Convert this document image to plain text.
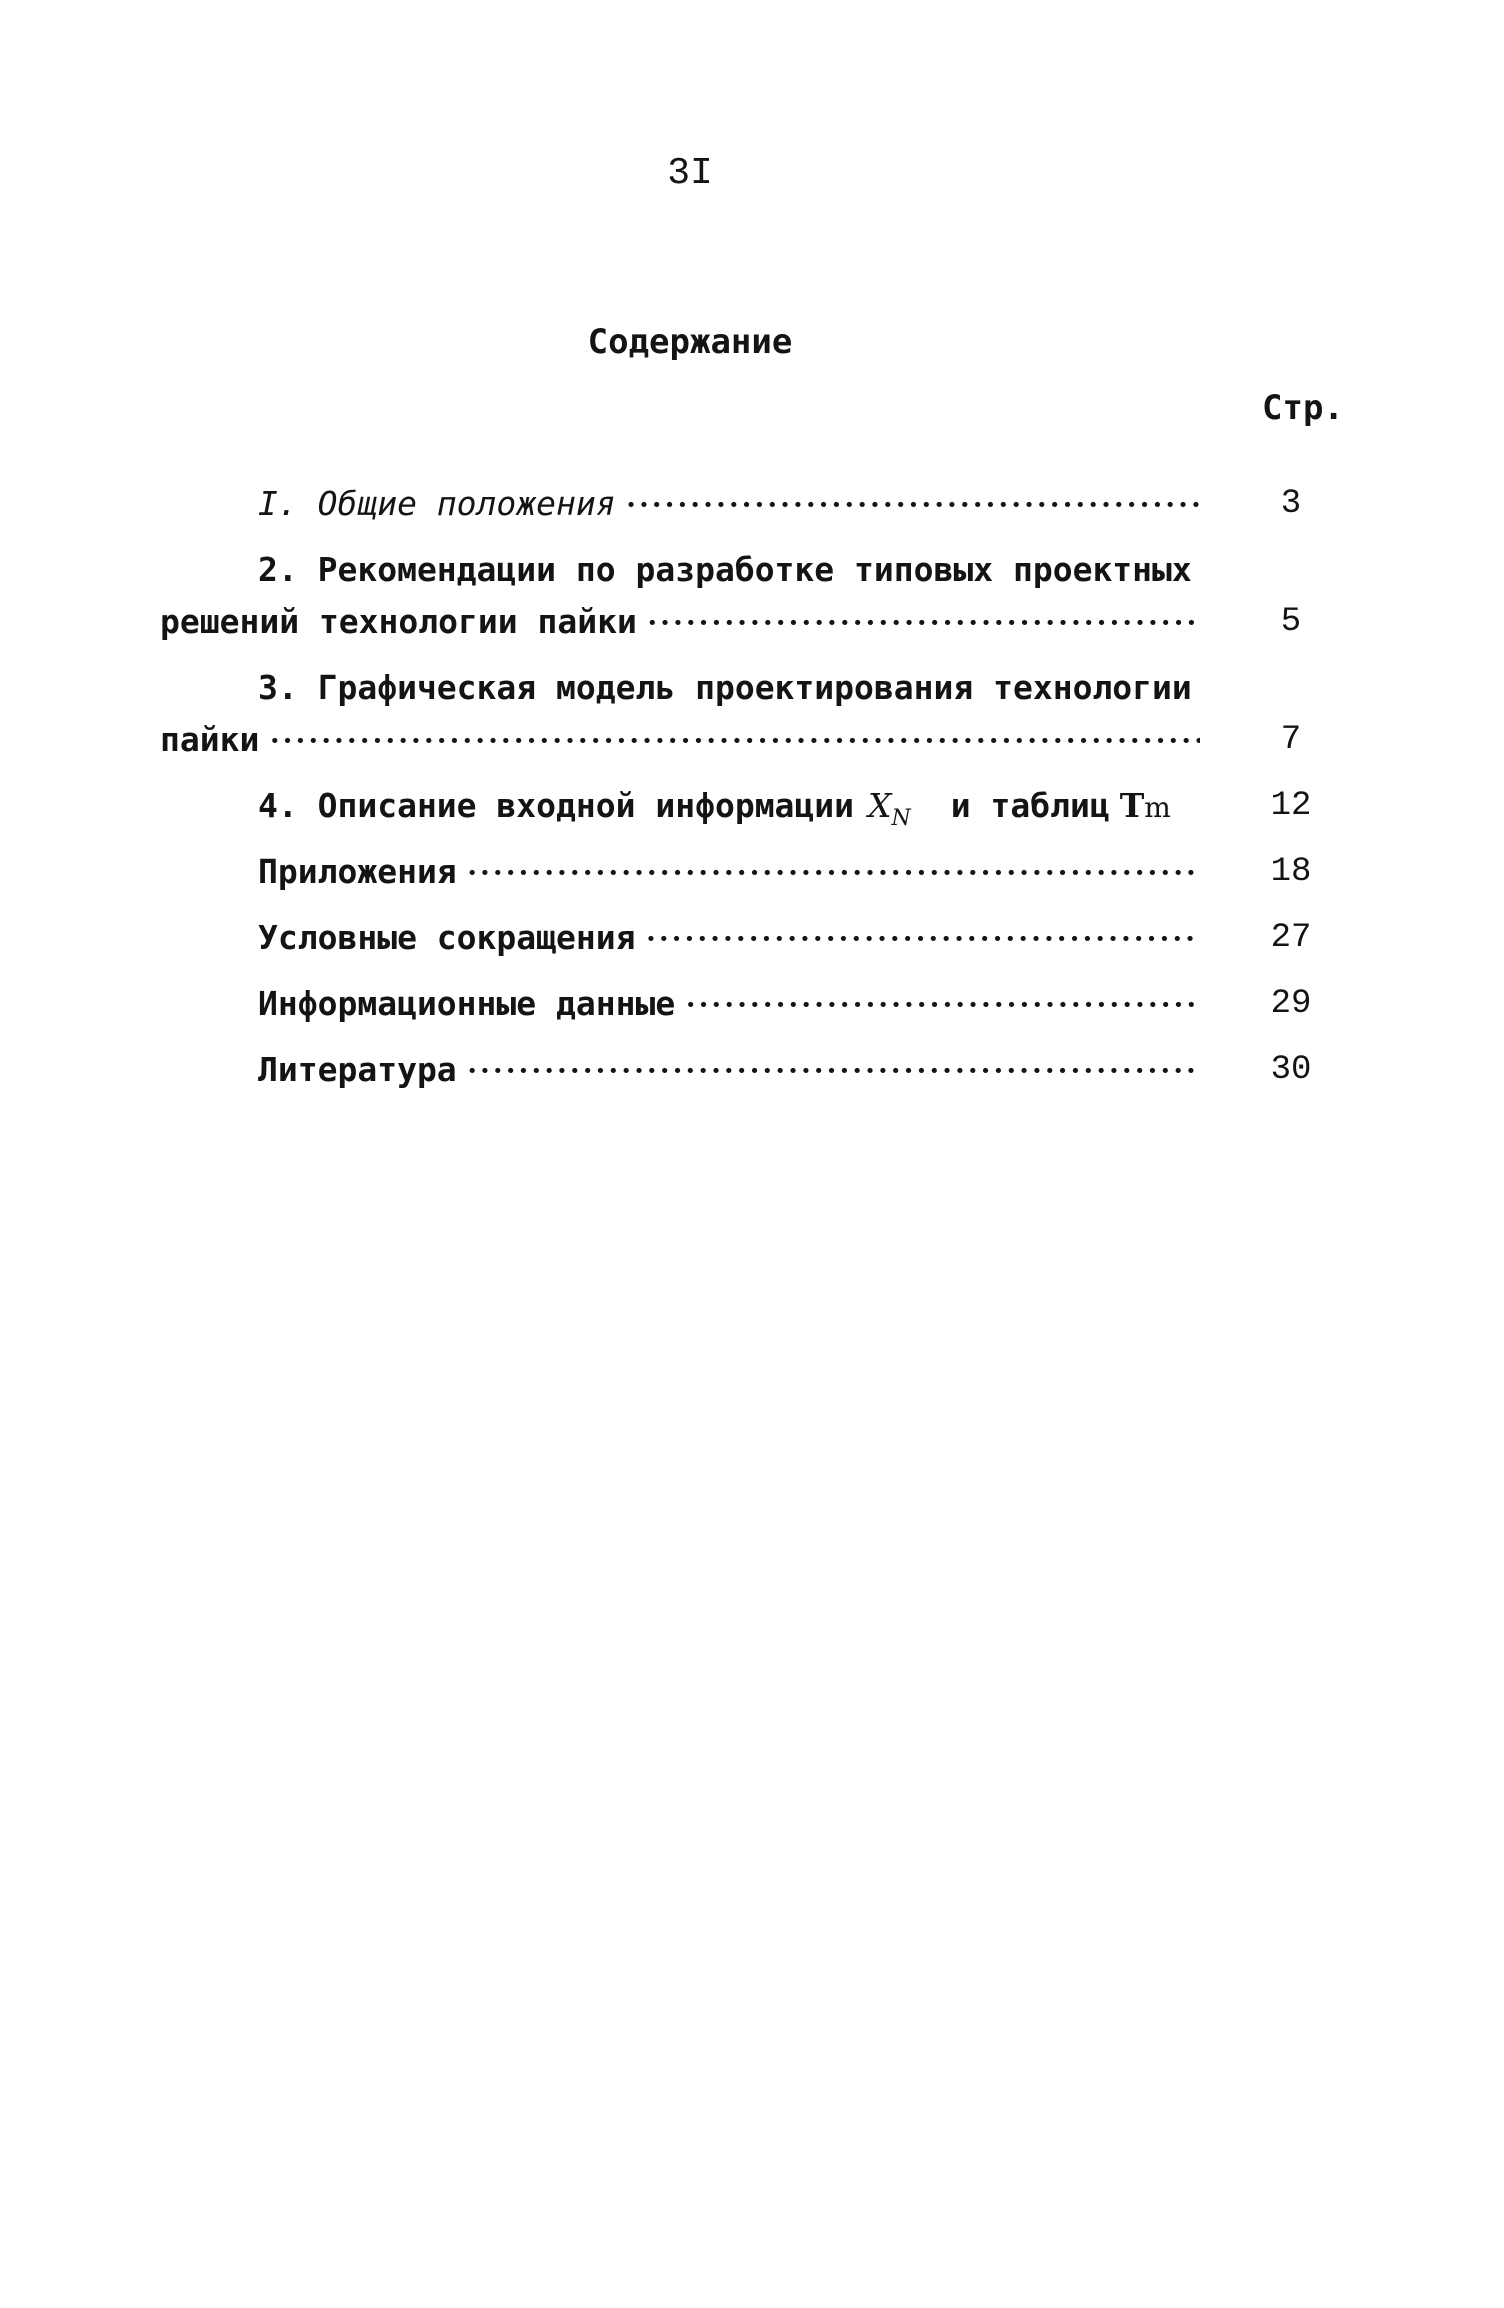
3I
Содержание
Стр.
I. Общие положения •••••	3
2. Рекомендации по разработке типовых проектных
решений технологии пайки •••••	5
3. Графическая модель проектирования технологии
пайки •••••	7
4. Описание входной информации $X_N$ и таблиц Tm	12
Приложения •••••	18
Условные сокращения •••••	27
Информационные данные •••••	29
Литература •••••	30
